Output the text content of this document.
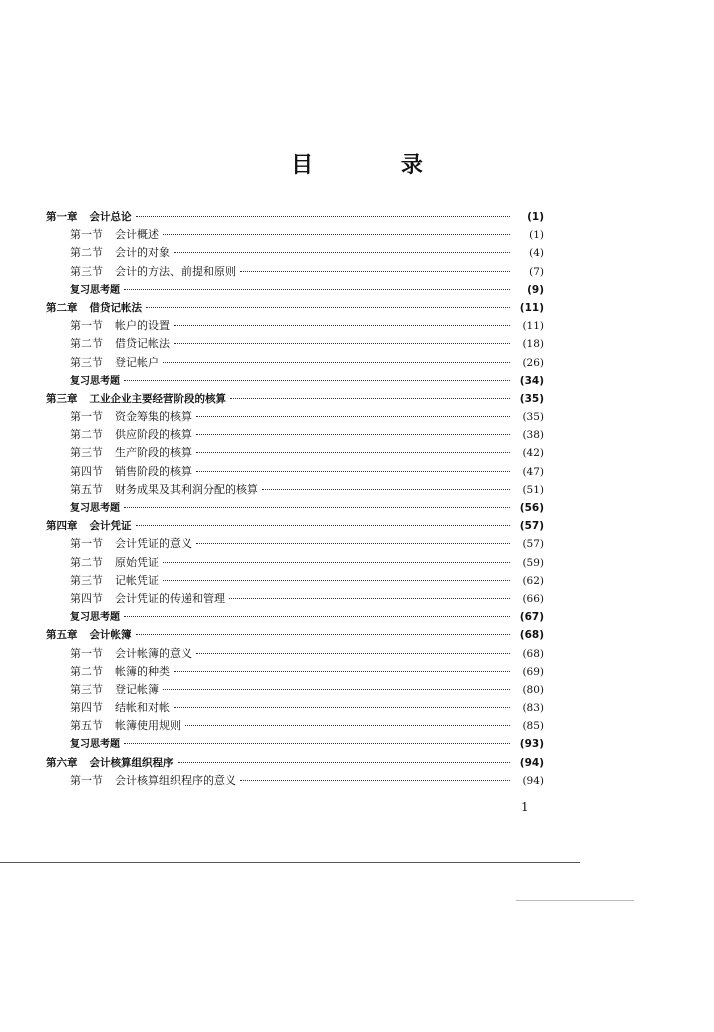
目 录
第一章	会计总论	(1)
第一节	会计概述	(1)
第二节	会计的对象	(4)
第三节	会计的方法、前提和原则	(7)
复习思考题	(9)
第二章	借贷记帐法	(11)
第一节	帐户的设置	(11)
第二节	借贷记帐法	(18)
第三节	登记帐户	(26)
复习思考题	(34)
第三章	工业企业主要经营阶段的核算	(35)
第一节	资金筹集的核算	(35)
第二节	供应阶段的核算	(38)
第三节	生产阶段的核算	(42)
第四节	销售阶段的核算	(47)
第五节	财务成果及其利润分配的核算	(51)
复习思考题	(56)
第四章	会计凭证	(57)
第一节	会计凭证的意义	(57)
第二节	原始凭证	(59)
第三节	记帐凭证	(62)
第四节	会计凭证的传递和管理	(66)
复习思考题	(67)
第五章	会计帐簿	(68)
第一节	会计帐簿的意义	(68)
第二节	帐簿的种类	(69)
第三节	登记帐簿	(80)
第四节	结帐和对帐	(83)
第五节	帐簿使用规则	(85)
复习思考题	(93)
第六章	会计核算组织程序	(94)
第一节	会计核算组织程序的意义	(94)
1
